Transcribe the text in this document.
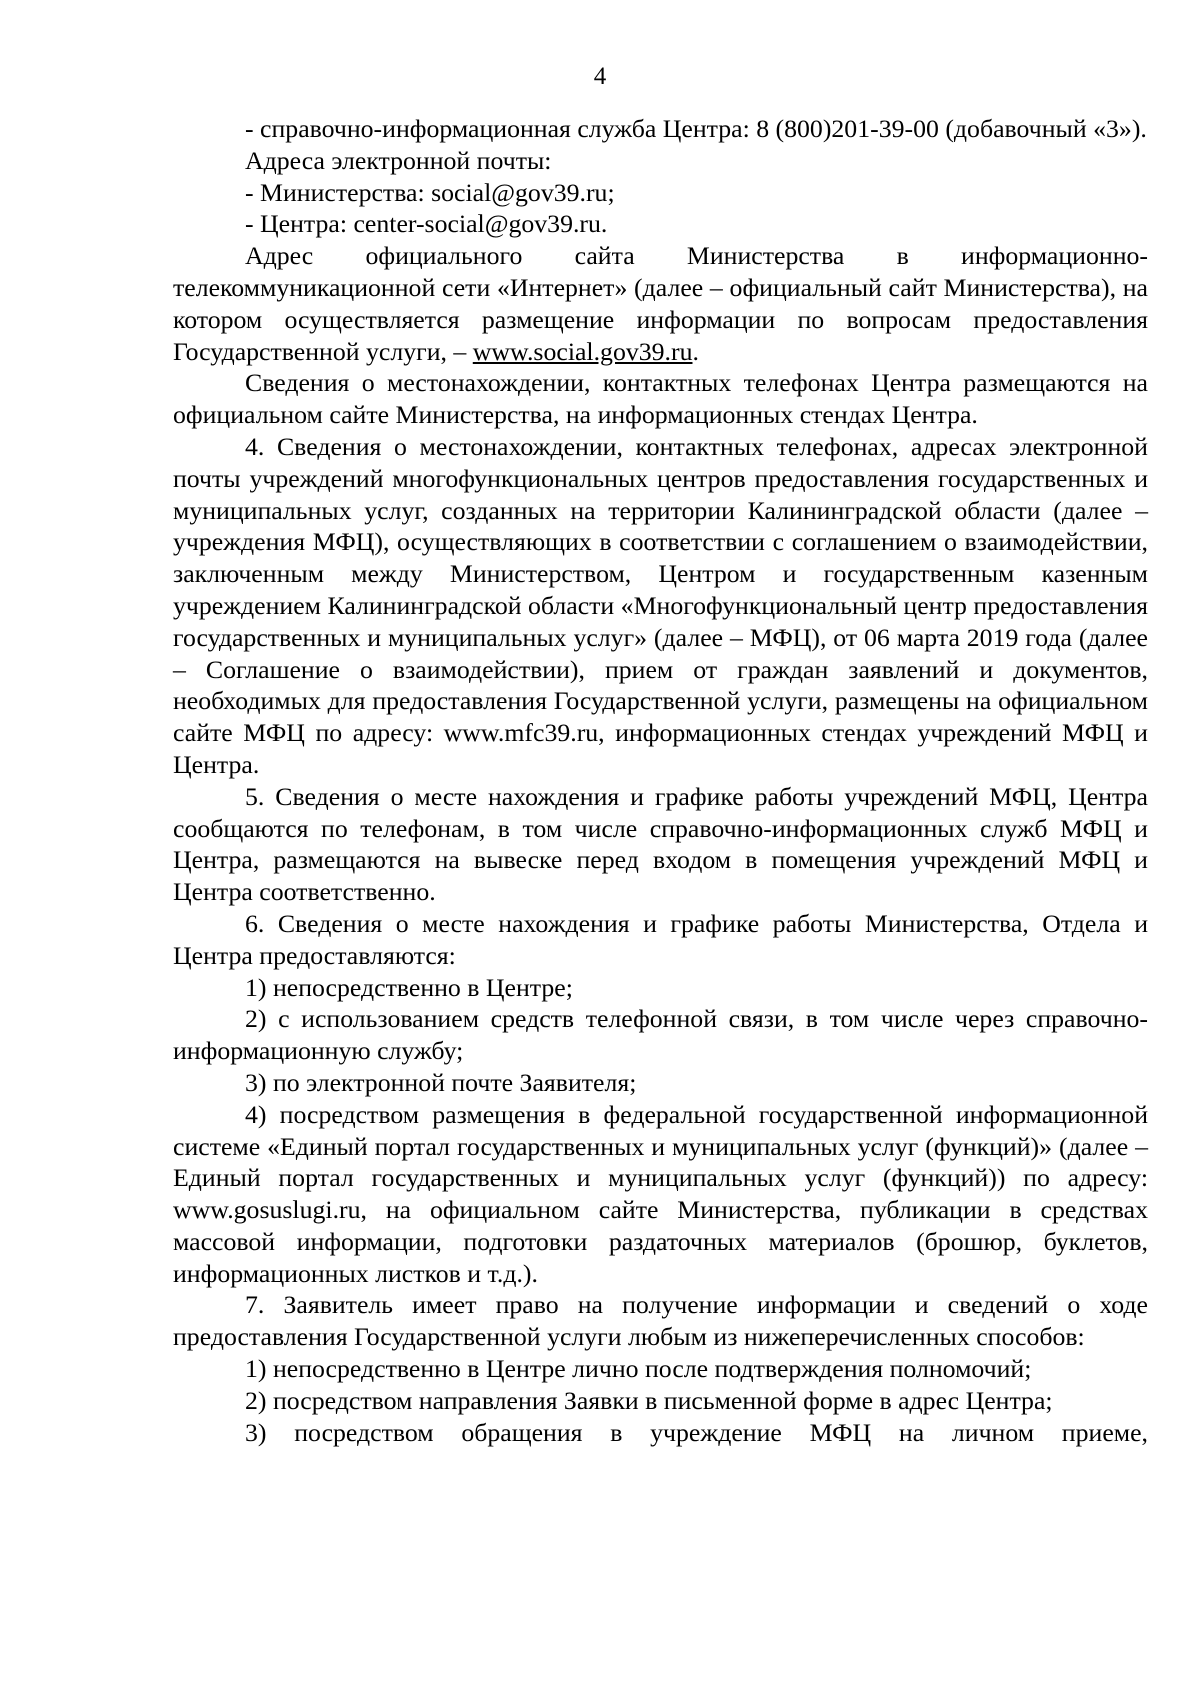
4

- справочно-информационная служба Центра: 8 (800)201-39-00 (добавочный «3»).

Адреса электронной почты:

- Министерства: social@gov39.ru;

- Центра: center-social@gov39.ru.

Адрес официального сайта Министерства в информационно-телекоммуникационной сети «Интернет» (далее – официальный сайт Министерства), на котором осуществляется размещение информации по вопросам предоставления Государственной услуги, – www.social.gov39.ru.

Сведения о местонахождении, контактных телефонах Центра размещаются на официальном сайте Министерства, на информационных стендах Центра.

4. Сведения о местонахождении, контактных телефонах, адресах электронной почты учреждений многофункциональных центров предоставления государственных и муниципальных услуг, созданных на территории Калининградской области (далее – учреждения МФЦ), осуществляющих в соответствии с соглашением о взаимодействии, заключенным между Министерством, Центром и государственным казенным учреждением Калининградской области «Многофункциональный центр предоставления государственных и муниципальных услуг» (далее – МФЦ), от 06 марта 2019 года (далее – Соглашение о взаимодействии), прием от граждан заявлений и документов, необходимых для предоставления Государственной услуги, размещены на официальном сайте МФЦ по адресу: www.mfc39.ru, информационных стендах учреждений МФЦ и Центра.

5. Сведения о месте нахождения и графике работы учреждений МФЦ, Центра сообщаются по телефонам, в том числе справочно-информационных служб МФЦ и Центра, размещаются на вывеске перед входом в помещения учреждений МФЦ и Центра соответственно.

6. Сведения о месте нахождения и графике работы Министерства, Отдела и Центра предоставляются:

1) непосредственно в Центре;

2) с использованием средств телефонной связи, в том числе через справочно-информационную службу;

3) по электронной почте Заявителя;

4) посредством размещения в федеральной государственной информационной системе «Единый портал государственных и муниципальных услуг (функций)» (далее – Единый портал государственных и муниципальных услуг (функций)) по адресу: www.gosuslugi.ru, на официальном сайте Министерства, публикации в средствах массовой информации, подготовки раздаточных материалов (брошюр, буклетов, информационных листков и т.д.).

7. Заявитель имеет право на получение информации и сведений о ходе предоставления Государственной услуги любым из нижеперечисленных способов:

1) непосредственно в Центре лично после подтверждения полномочий;

2) посредством направления Заявки в письменной форме в адрес Центра;

3) посредством обращения в учреждение МФЦ на личном приеме,
